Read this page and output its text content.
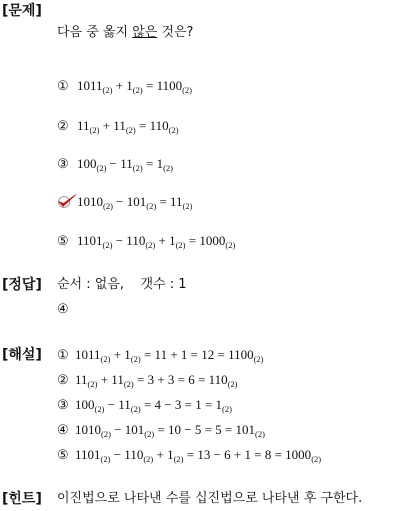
[문제]
다음 중 옳지 않은 것은?
① $1011_{(2)} + 1_{(2)} = 1100_{(2)}$
② $11_{(2)} + 11_{(2)} = 110_{(2)}$
③ $100_{(2)} - 11_{(2)} = 1_{(2)}$
$1010_{(2)} - 101_{(2)} = 11_{(2)}$
⑤ $1101_{(2)} - 110_{(2)} + 1_{(2)} = 1000_{(2)}$
[정답] 순서 : 없음, 갯수 : 1
④
[해설] ① $1011_{(2)} + 1_{(2)} = 11 + 1 = 12 = 1100_{(2)}$
② $11_{(2)} + 11_{(2)} = 3 + 3 = 6 = 110_{(2)}$
③ $100_{(2)} - 11_{(2)} = 4 - 3 = 1 = 1_{(2)}$
④ $1010_{(2)} - 101_{(2)} = 10 - 5 = 5 = 101_{(2)}$
⑤ $1101_{(2)} - 110_{(2)} + 1_{(2)} = 13 - 6 + 1 = 8 = 1000_{(2)}$
[힌트] 이진법으로 나타낸 수를 십진법으로 나타낸 후 구한다.
